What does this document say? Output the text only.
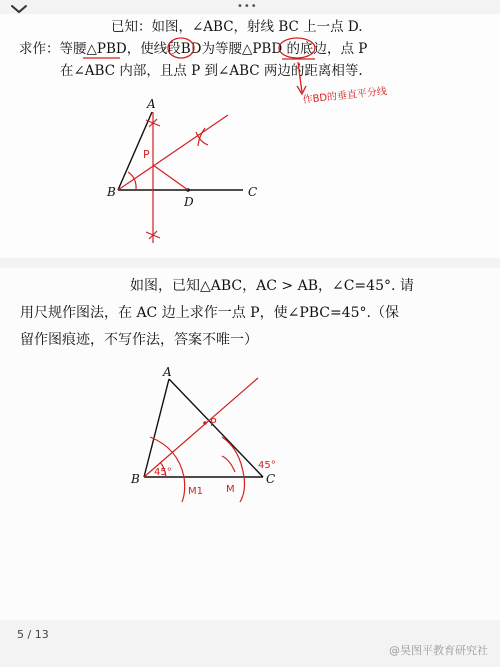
•••
已知：如图，∠ABC，射线 BC 上一点 D.
求作：等腰△PBD，使线段BD为等腰△PBD 的底边，点 P
在∠ABC 内部，且点 P 到∠ABC 两边的距离相等.
如图，已知△ABC，AC > AB，∠C=45°. 请
用尺规作图法，在 AC 边上求作一点 P，使∠PBC=45°.（保
留作图痕迹，不写作法，答案不唯一）
作BD的垂直平分线
A
B	C
D
P
A
B	C
P
45°
45°
M1 M
5 / 13
@昊图平教育研究社
